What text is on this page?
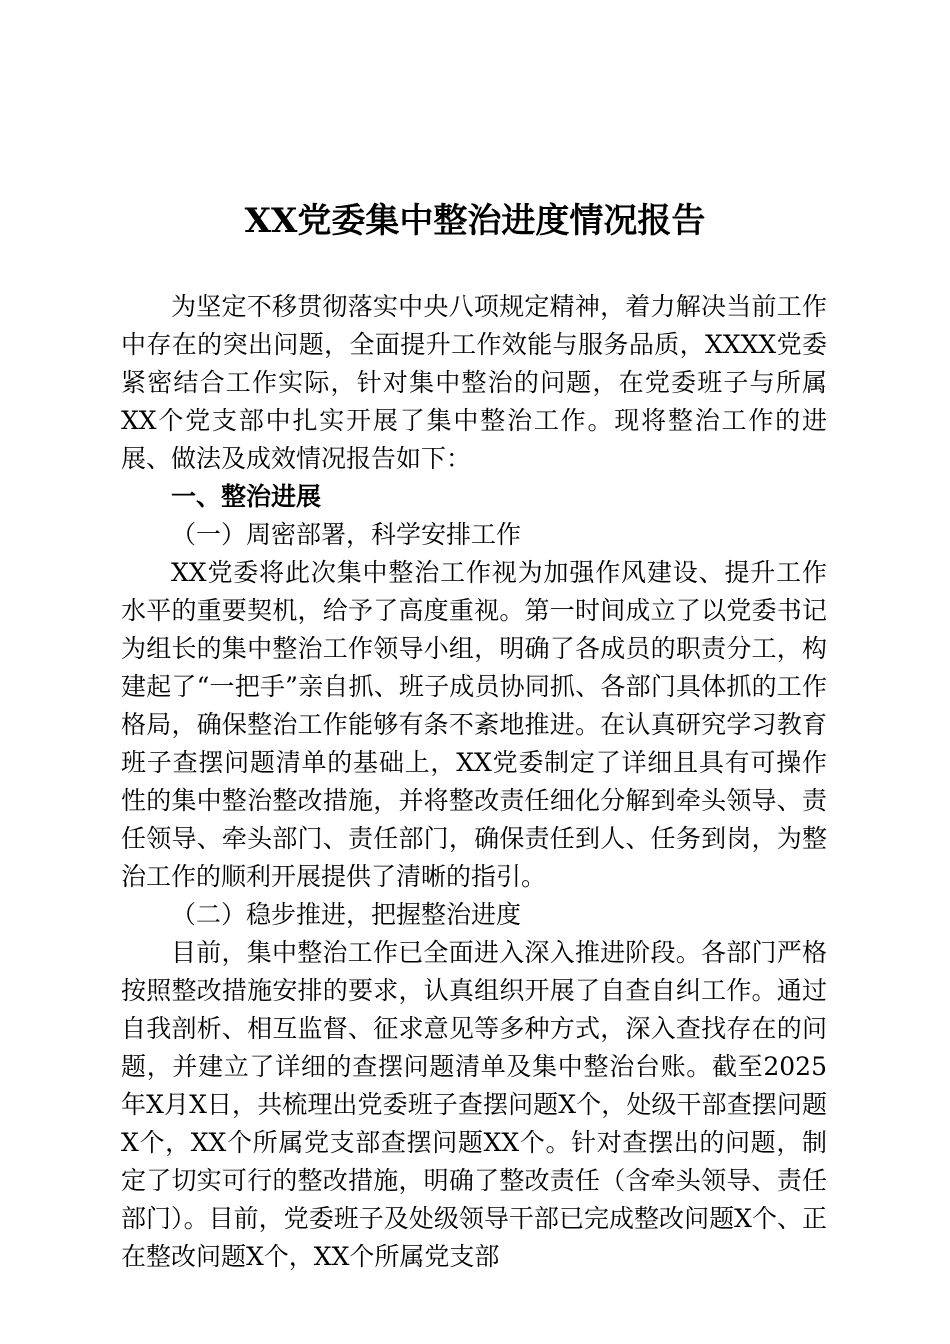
XX党委集中整治进度情况报告

为坚定不移贯彻落实中央八项规定精神，着力解决当前工作中存在的突出问题，全面提升工作效能与服务品质，XXXX党委紧密结合工作实际，针对集中整治的问题，在党委班子与所属XX个党支部中扎实开展了集中整治工作。现将整治工作的进展、做法及成效情况报告如下：

一、整治进展

（一）周密部署，科学安排工作

XX党委将此次集中整治工作视为加强作风建设、提升工作水平的重要契机，给予了高度重视。第一时间成立了以党委书记为组长的集中整治工作领导小组，明确了各成员的职责分工，构建起了“一把手”亲自抓、班子成员协同抓、各部门具体抓的工作格局，确保整治工作能够有条不紊地推进。在认真研究学习教育班子查摆问题清单的基础上，XX党委制定了详细且具有可操作性的集中整治整改措施，并将整改责任细化分解到牵头领导、责任领导、牵头部门、责任部门，确保责任到人、任务到岗，为整治工作的顺利开展提供了清晰的指引。

（二）稳步推进，把握整治进度

目前，集中整治工作已全面进入深入推进阶段。各部门严格按照整改措施安排的要求，认真组织开展了自查自纠工作。通过自我剖析、相互监督、征求意见等多种方式，深入查找存在的问题，并建立了详细的查摆问题清单及集中整治台账。截至2025年X月X日，共梳理出党委班子查摆问题X个，处级干部查摆问题X个，XX个所属党支部查摆问题XX个。针对查摆出的问题，制定了切实可行的整改措施，明确了整改责任（含牵头领导、责任部门）。目前，党委班子及处级领导干部已完成整改问题X个、正在整改问题X个，XX个所属党支部
